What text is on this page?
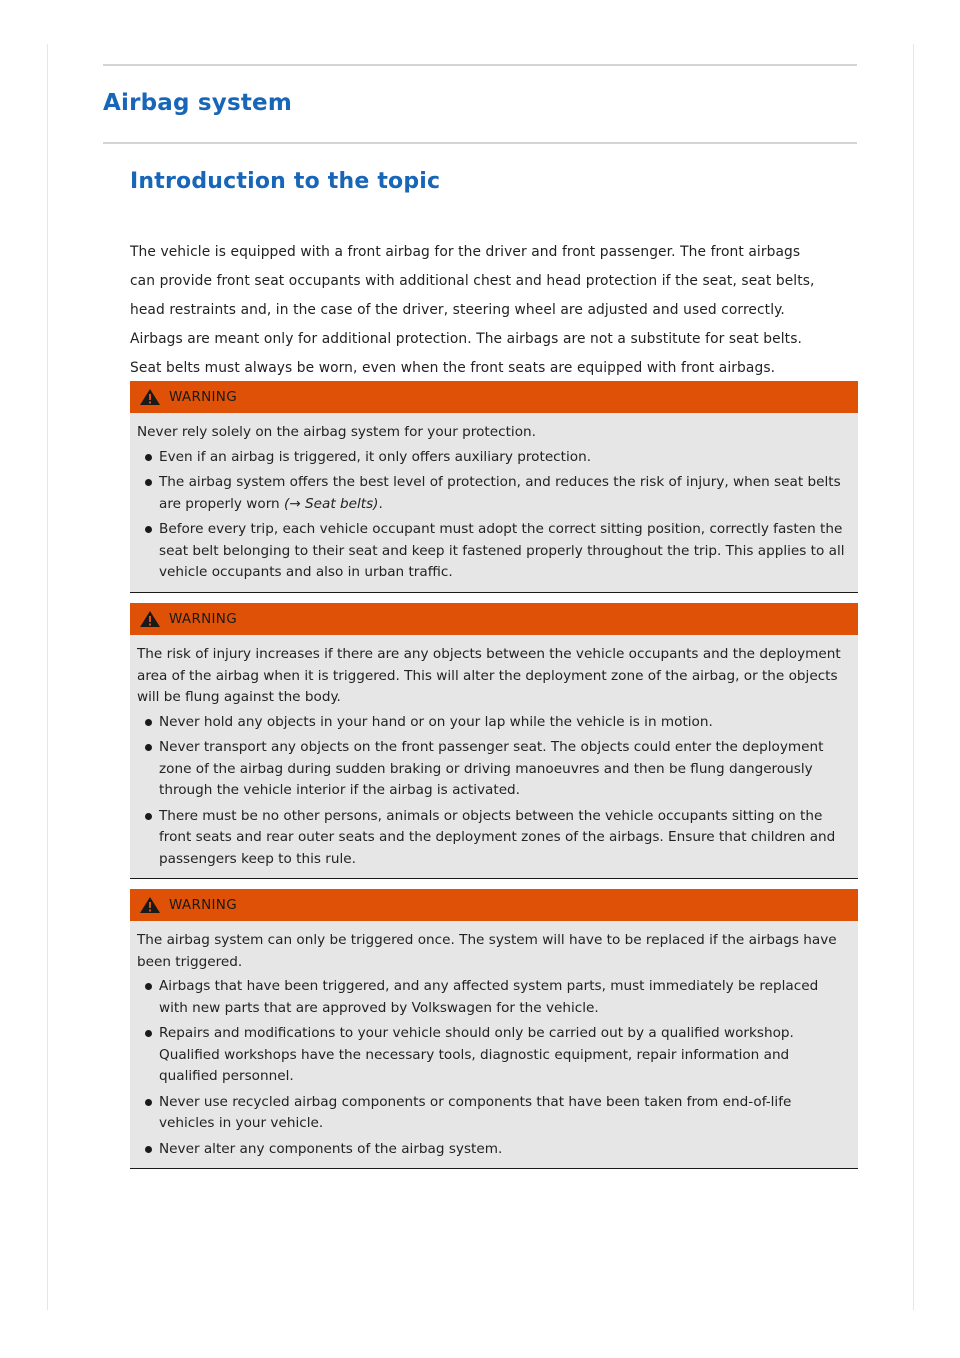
Airbag system
Introduction to the topic

The vehicle is equipped with a front airbag for the driver and front passenger. The front airbags

can provide front seat occupants with additional chest and head protection if the seat, seat belts,

head restraints and, in the case of the driver, steering wheel are adjusted and used correctly.

Airbags are meant only for additional protection. The airbags are not a substitute for seat belts.

Seat belts must always be worn, even when the front seats are equipped with front airbags.

WARNING

Never rely solely on the airbag system for your protection.

Even if an airbag is triggered, it only offers auxiliary protection.
The airbag system offers the best level of protection, and reduces the risk of injury, when seat belts are properly worn (→ Seat belts).
Before every trip, each vehicle occupant must adopt the correct sitting position, correctly fasten the seat belt belonging to their seat and keep it fastened properly throughout the trip. This applies to all vehicle occupants and also in urban traffic.
WARNING

The risk of injury increases if there are any objects between the vehicle occupants and the deployment area of the airbag when it is triggered. This will alter the deployment zone of the airbag, or the objects will be flung against the body.

Never hold any objects in your hand or on your lap while the vehicle is in motion.
Never transport any objects on the front passenger seat. The objects could enter the deployment zone of the airbag during sudden braking or driving manoeuvres and then be flung dangerously through the vehicle interior if the airbag is activated.
There must be no other persons, animals or objects between the vehicle occupants sitting on the front seats and rear outer seats and the deployment zones of the airbags. Ensure that children and passengers keep to this rule.
WARNING

The airbag system can only be triggered once. The system will have to be replaced if the airbags have been triggered.

Airbags that have been triggered, and any affected system parts, must immediately be replaced with new parts that are approved by Volkswagen for the vehicle.
Repairs and modifications to your vehicle should only be carried out by a qualified workshop. Qualified workshops have the necessary tools, diagnostic equipment, repair information and qualified personnel.
Never use recycled airbag components or components that have been taken from end-of-life vehicles in your vehicle.
Never alter any components of the airbag system.
